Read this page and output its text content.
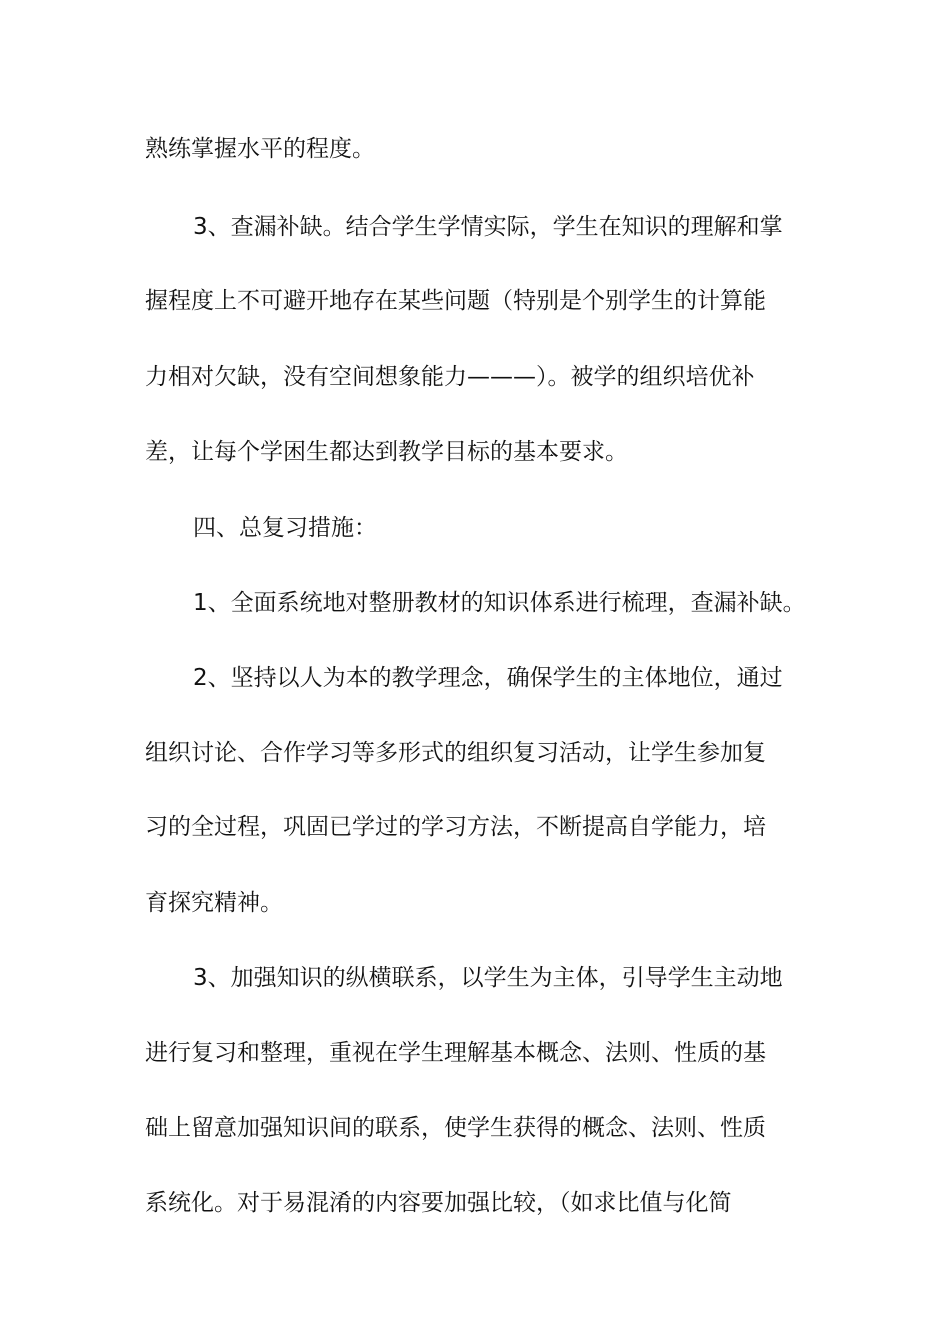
熟练掌握水平的程度。
3、查漏补缺。结合学生学情实际，学生在知识的理解和掌
握程度上不可避开地存在某些问题（特别是个别学生的计算能
力相对欠缺，没有空间想象能力———）。被学的组织培优补
差，让每个学困生都达到教学目标的基本要求。
四、总复习措施：
1、全面系统地对整册教材的知识体系进行梳理，查漏补缺。
2、坚持以人为本的教学理念，确保学生的主体地位，通过
组织讨论、合作学习等多形式的组织复习活动，让学生参加复
习的全过程，巩固已学过的学习方法，不断提高自学能力，培
育探究精神。
3、加强知识的纵横联系，以学生为主体，引导学生主动地
进行复习和整理，重视在学生理解基本概念、法则、性质的基
础上留意加强知识间的联系，使学生获得的概念、法则、性质
系统化。对于易混淆的内容要加强比较，（如求比值与化简
